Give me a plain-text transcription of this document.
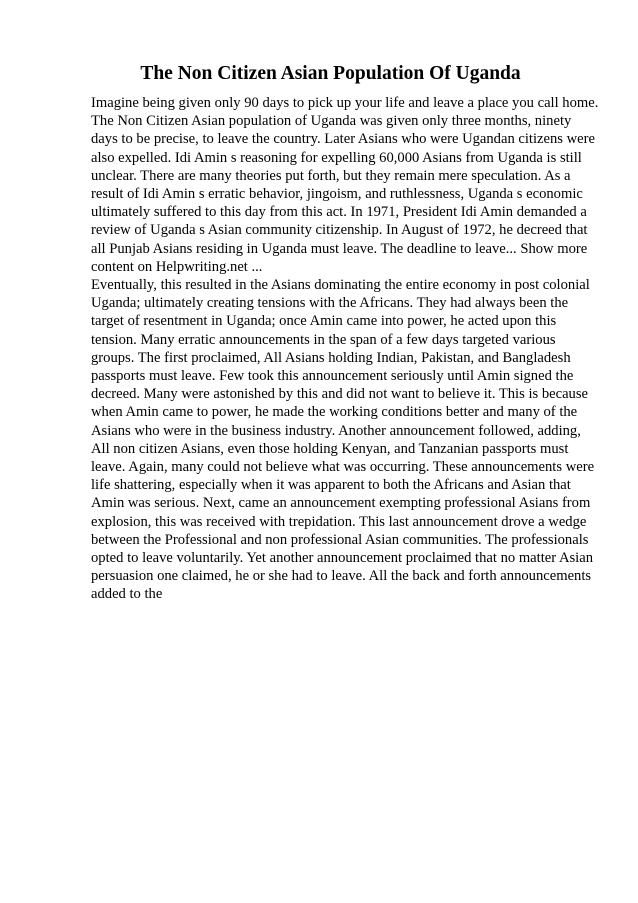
The Non Citizen Asian Population Of Uganda

Imagine being given only 90 days to pick up your life and leave a place you call home. The Non Citizen Asian population of Uganda was given only three months, ninety days to be precise, to leave the country. Later Asians who were Ugandan citizens were also expelled. Idi Amin s reasoning for expelling 60,000 Asians from Uganda is still unclear. There are many theories put forth, but they remain mere speculation. As a result of Idi Amin s erratic behavior, jingoism, and ruthlessness, Uganda s economic ultimately suffered to this day from this act. In 1971, President Idi Amin demanded a review of Uganda s Asian community citizenship. In August of 1972, he decreed that all Punjab Asians residing in Uganda must leave. The deadline to leave... Show more content on Helpwriting.net ...

Eventually, this resulted in the Asians dominating the entire economy in post colonial Uganda; ultimately creating tensions with the Africans. They had always been the target of resentment in Uganda; once Amin came into power, he acted upon this tension. Many erratic announcements in the span of a few days targeted various groups. The first proclaimed, All Asians holding Indian, Pakistan, and Bangladesh passports must leave. Few took this announcement seriously until Amin signed the decreed. Many were astonished by this and did not want to believe it. This is because when Amin came to power, he made the working conditions better and many of the Asians who were in the business industry. Another announcement followed, adding, All non citizen Asians, even those holding Kenyan, and Tanzanian passports must leave. Again, many could not believe what was occurring. These announcements were life shattering, especially when it was apparent to both the Africans and Asian that Amin was serious. Next, came an announcement exempting professional Asians from explosion, this was received with trepidation. This last announcement drove a wedge between the Professional and non professional Asian communities. The professionals opted to leave voluntarily. Yet another announcement proclaimed that no matter Asian persuasion one claimed, he or she had to leave. All the back and forth announcements added to the
